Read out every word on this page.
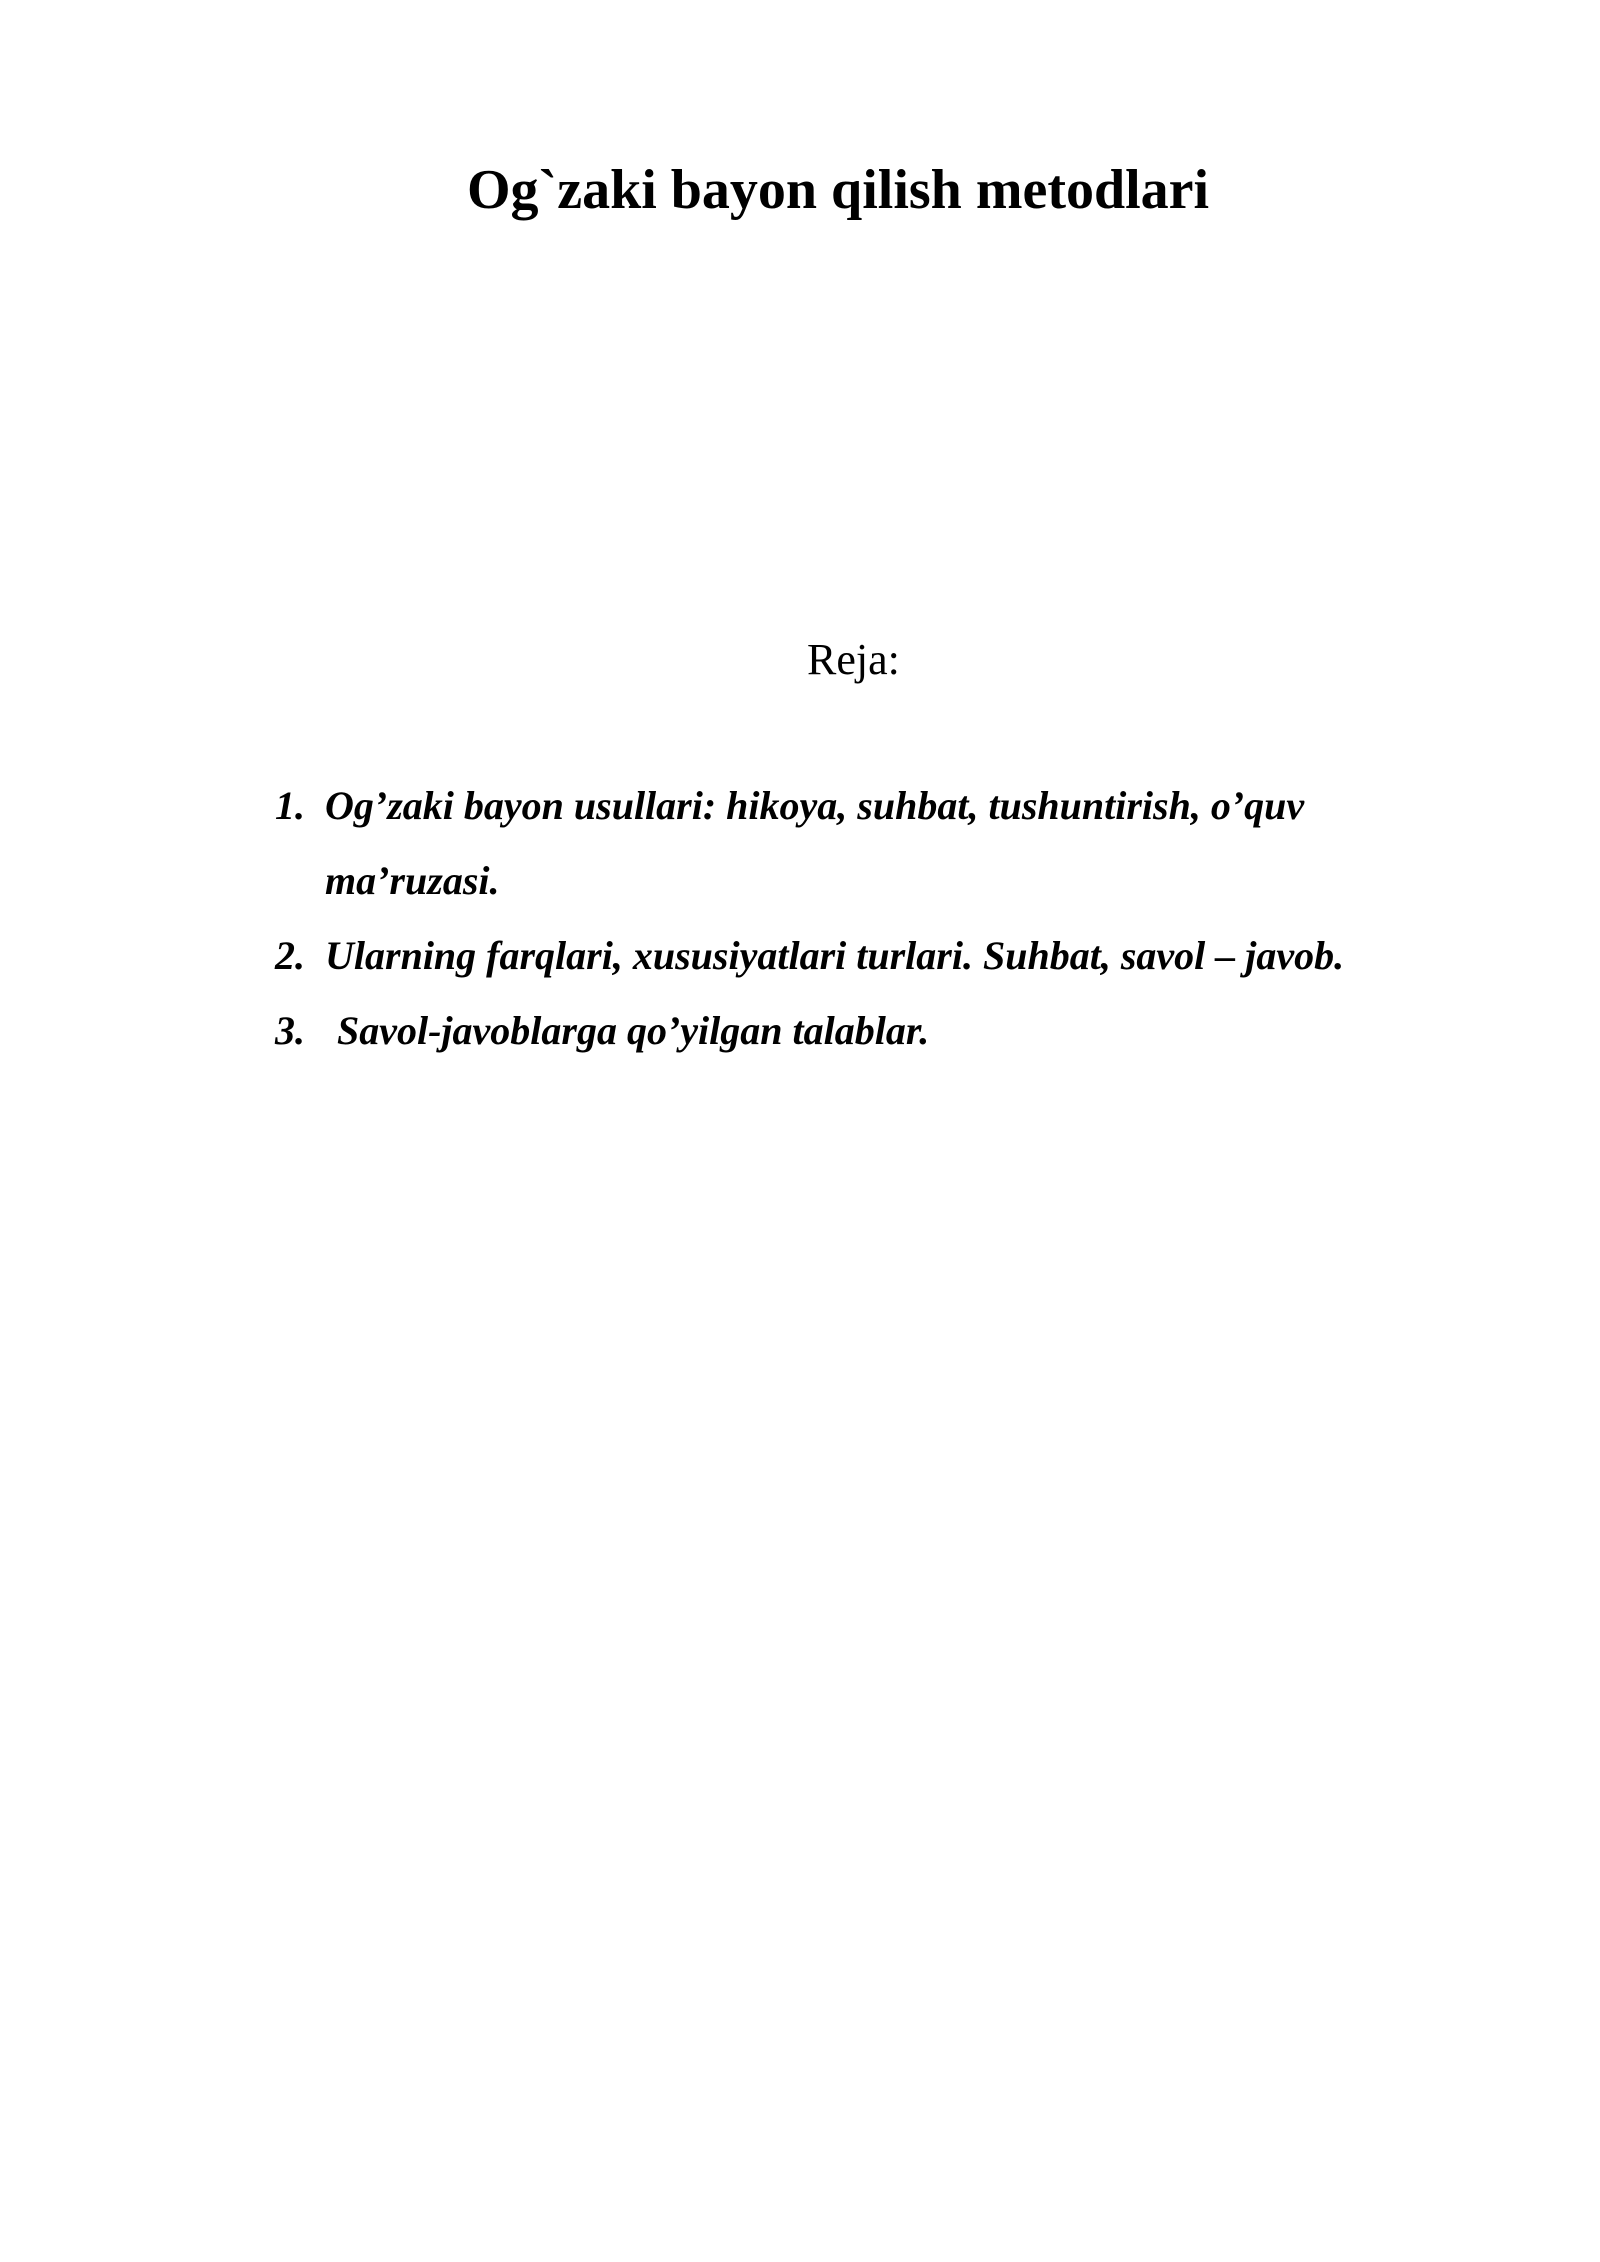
Og`zaki bayon qilish metodlari
Reja:
1. Og’zaki bayon usullari: hikoya, suhbat, tushuntirish, o’quv ma’ruzasi.
2. Ularning farqlari, xususiyatlari turlari. Suhbat, savol – javob.
3. Savol-javoblarga qo’yilgan talablar.
